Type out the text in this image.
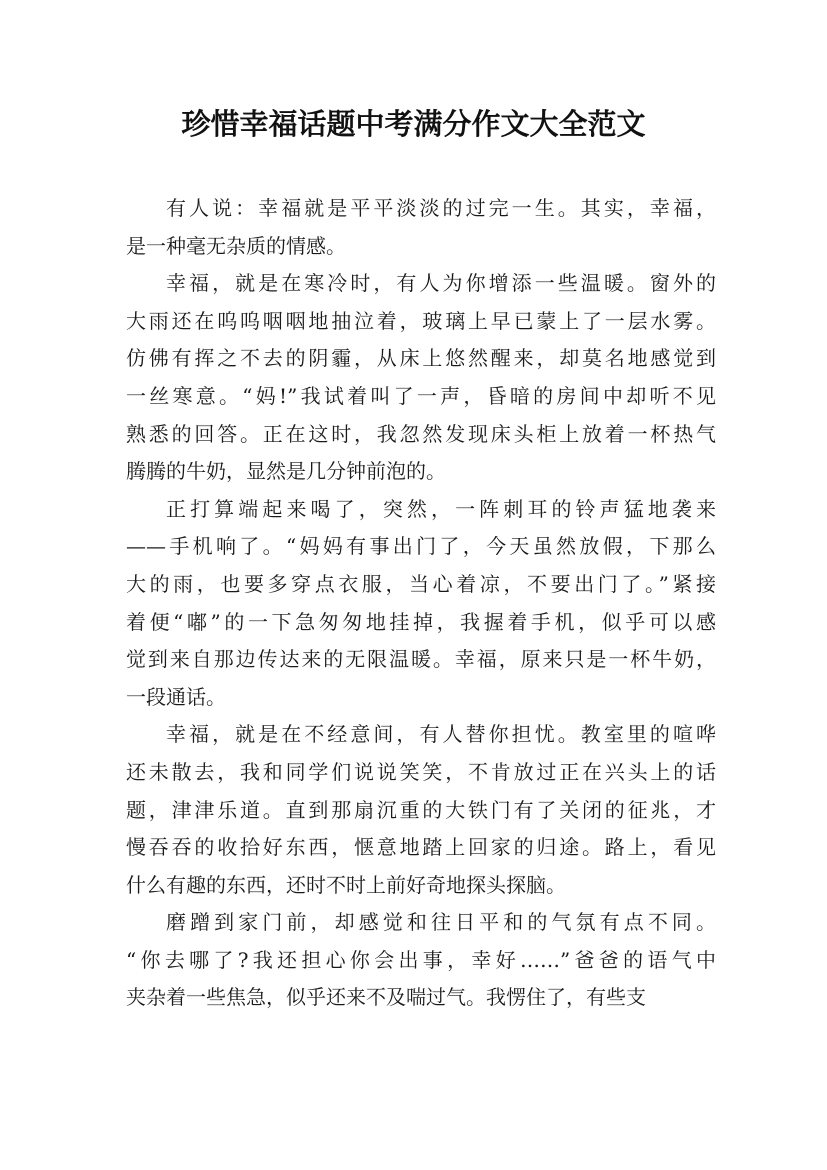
珍惜幸福话题中考满分作文大全范文
有人说：幸福就是平平淡淡的过完一生。其实，幸福，
是一种毫无杂质的情感。
幸福，就是在寒冷时，有人为你增添一些温暖。窗外的
大雨还在呜呜咽咽地抽泣着，玻璃上早已蒙上了一层水雾。
仿佛有挥之不去的阴霾，从床上悠然醒来，却莫名地感觉到
一丝寒意。“妈!”我试着叫了一声，昏暗的房间中却听不见
熟悉的回答。正在这时，我忽然发现床头柜上放着一杯热气
腾腾的牛奶，显然是几分钟前泡的。
正打算端起来喝了，突然，一阵刺耳的铃声猛地袭来
——手机响了。“妈妈有事出门了，今天虽然放假，下那么
大的雨，也要多穿点衣服，当心着凉，不要出门了。”紧接
着便“嘟”的一下急匆匆地挂掉，我握着手机，似乎可以感
觉到来自那边传达来的无限温暖。幸福，原来只是一杯牛奶，
一段通话。
幸福，就是在不经意间，有人替你担忧。教室里的喧哗
还未散去，我和同学们说说笑笑，不肯放过正在兴头上的话
题，津津乐道。直到那扇沉重的大铁门有了关闭的征兆，才
慢吞吞的收拾好东西，惬意地踏上回家的归途。路上，看见
什么有趣的东西，还时不时上前好奇地探头探脑。
磨蹭到家门前，却感觉和往日平和的气氛有点不同。
“你去哪了?我还担心你会出事，幸好……”爸爸的语气中
夹杂着一些焦急，似乎还来不及喘过气。我愣住了，有些支
